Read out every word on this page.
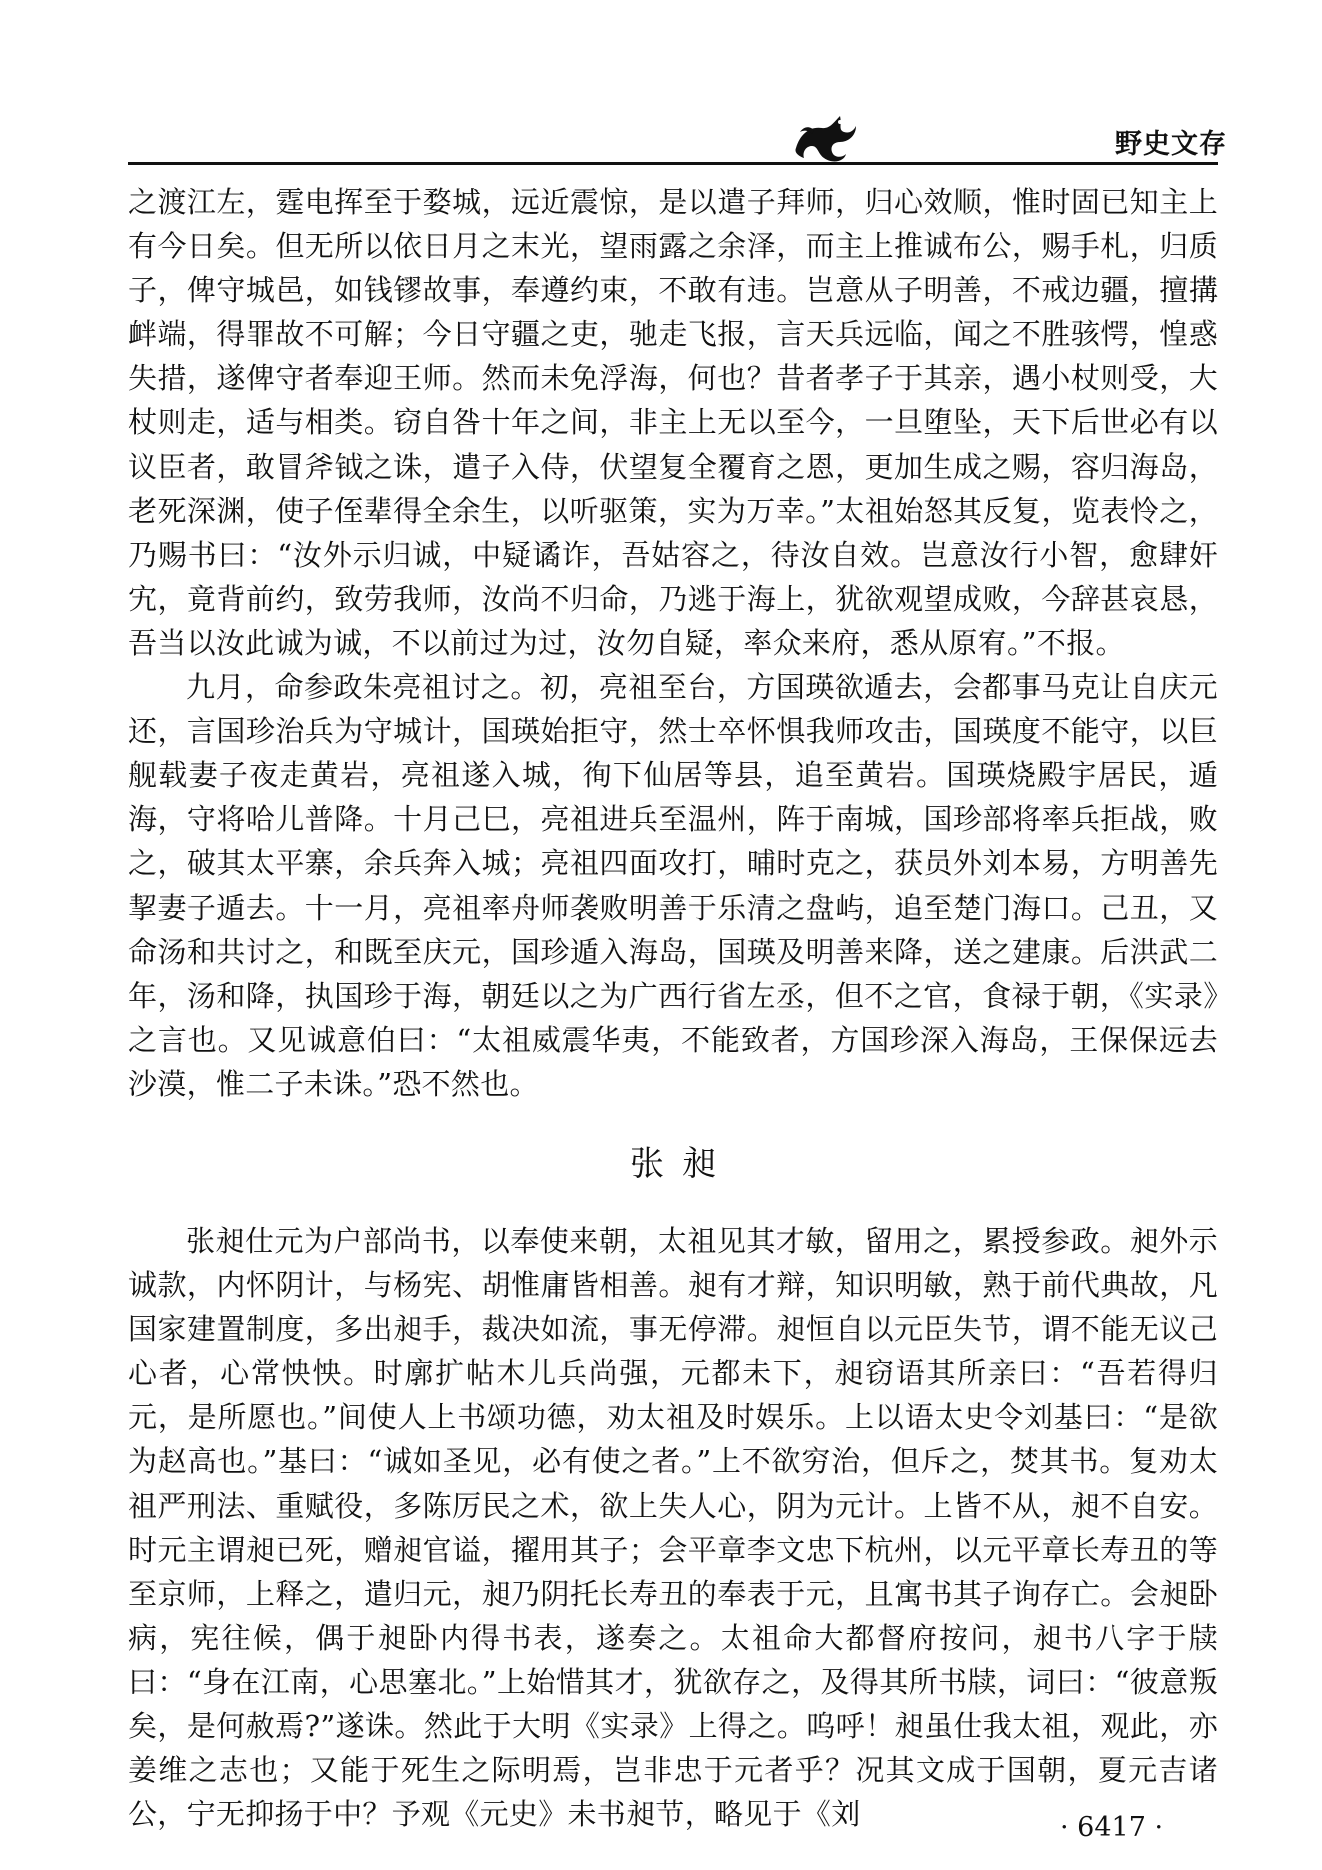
野史文存

之渡江左，霆电挥至于婺城，远近震惊，是以遣子拜师，归心效顺，惟时固已知主上有今日矣。但无所以依日月之末光，望雨露之余泽，而主上推诚布公，赐手札，归质子，俾守城邑，如钱镠故事，奉遵约束，不敢有违。岂意从子明善，不戒边疆，擅搆衅端，得罪故不可解；今日守疆之吏，驰走飞报，言天兵远临，闻之不胜骇愕，惶惑失措，遂俾守者奉迎王师。然而未免浮海，何也？昔者孝子于其亲，遇小杖则受，大杖则走，适与相类。窃自咎十年之间，非主上无以至今，一旦堕坠，天下后世必有以议臣者，敢冒斧钺之诛，遣子入侍，伏望复全覆育之恩，更加生成之赐，容归海岛，老死深渊，使子侄辈得全余生，以听驱策，实为万幸。”太祖始怒其反复，览表怜之，乃赐书曰：“汝外示归诚，中疑谲诈，吾姑容之，待汝自效。岂意汝行小智，愈肆奸宄，竟背前约，致劳我师，汝尚不归命，乃逃于海上，犹欲观望成败，今辞甚哀恳，吾当以汝此诚为诚，不以前过为过，汝勿自疑，率众来府，悉从原宥。”不报。

九月，命参政朱亮祖讨之。初，亮祖至台，方国瑛欲遁去，会都事马克让自庆元还，言国珍治兵为守城计，国瑛始拒守，然士卒怀惧我师攻击，国瑛度不能守，以巨舰载妻子夜走黄岩，亮祖遂入城，徇下仙居等县，追至黄岩。国瑛烧殿宇居民，遁海，守将哈儿普降。十月己巳，亮祖进兵至温州，阵于南城，国珍部将率兵拒战，败之，破其太平寨，余兵奔入城；亮祖四面攻打，晡时克之，获员外刘本易，方明善先挈妻子遁去。十一月，亮祖率舟师袭败明善于乐清之盘屿，追至楚门海口。己丑，又命汤和共讨之，和既至庆元，国珍遁入海岛，国瑛及明善来降，送之建康。后洪武二年，汤和降，执国珍于海，朝廷以之为广西行省左丞，但不之官，食禄于朝，《实录》之言也。又见诚意伯曰：“太祖威震华夷，不能致者，方国珍深入海岛，王保保远去沙漠，惟二子未诛。”恐不然也。

张昶

张昶仕元为户部尚书，以奉使来朝，太祖见其才敏，留用之，累授参政。昶外示诚款，内怀阴计，与杨宪、胡惟庸皆相善。昶有才辩，知识明敏，熟于前代典故，凡国家建置制度，多出昶手，裁决如流，事无停滞。昶恒自以元臣失节，谓不能无议己心者，心常怏怏。时廓扩帖木儿兵尚强，元都未下，昶窃语其所亲曰：“吾若得归元，是所愿也。”间使人上书颂功德，劝太祖及时娱乐。上以语太史令刘基曰：“是欲为赵高也。”基曰：“诚如圣见，必有使之者。”上不欲穷治，但斥之，焚其书。复劝太祖严刑法、重赋役，多陈厉民之术，欲上失人心，阴为元计。上皆不从，昶不自安。时元主谓昶已死，赠昶官谥，擢用其子；会平章李文忠下杭州，以元平章长寿丑的等至京师，上释之，遣归元，昶乃阴托长寿丑的奉表于元，且寓书其子询存亡。会昶卧病，宪往候，偶于昶卧内得书表，遂奏之。太祖命大都督府按问，昶书八字于牍曰：“身在江南，心思塞北。”上始惜其才，犹欲存之，及得其所书牍，词曰：“彼意叛矣，是何赦焉?”遂诛。然此于大明《实录》上得之。呜呼！昶虽仕我太祖，观此，亦姜维之志也；又能于死生之际明焉，岂非忠于元者乎？况其文成于国朝，夏元吉诸公，宁无抑扬于中？予观《元史》未书昶节，略见于《刘	· 6417 ·
